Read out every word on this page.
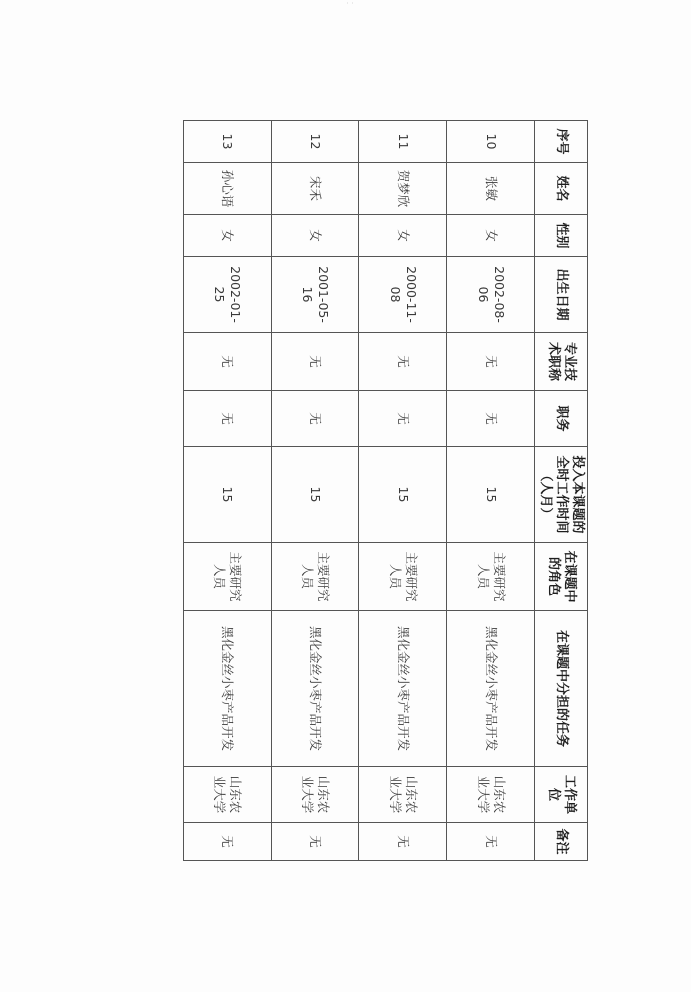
· ·
序号	姓名	性别	出生日期	专业技术职称	职务	投入本课题的全时工作时间（人月）	在课题中的角色	在课题中分担的任务	工作单位	备注
10	张敏	女	2002-08-06	无	无	15	主要研究人员	黑化金丝小枣产品开发	山东农业大学	无
11	贺梦欣	女	2000-11-08	无	无	15	主要研究人员	黑化金丝小枣产品开发	山东农业大学	无
12	宋禾	女	2001-05-16	无	无	15	主要研究人员	黑化金丝小枣产品开发	山东农业大学	无
13	孙心语	女	2002-01-25	无	无	15	主要研究人员	黑化金丝小枣产品开发	山东农业大学	无
